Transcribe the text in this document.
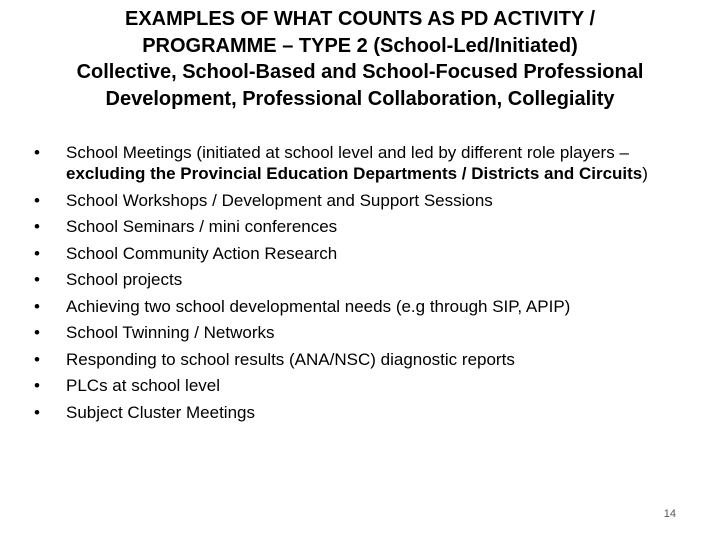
EXAMPLES OF WHAT COUNTS AS PD ACTIVITY /
PROGRAMME – TYPE 2 (School-Led/Initiated)
Collective, School-Based and School-Focused Professional
Development, Professional Collaboration, Collegiality
• School Meetings (initiated at school level and led by different role players – excluding the Provincial Education Departments / Districts and Circuits)
• School Workshops / Development and Support Sessions
• School Seminars / mini conferences
• School Community Action Research
• School projects
• Achieving two school developmental needs (e.g through SIP, APIP)
• School Twinning / Networks
• Responding to school results (ANA/NSC) diagnostic reports
• PLCs at school level
• Subject Cluster Meetings
14
